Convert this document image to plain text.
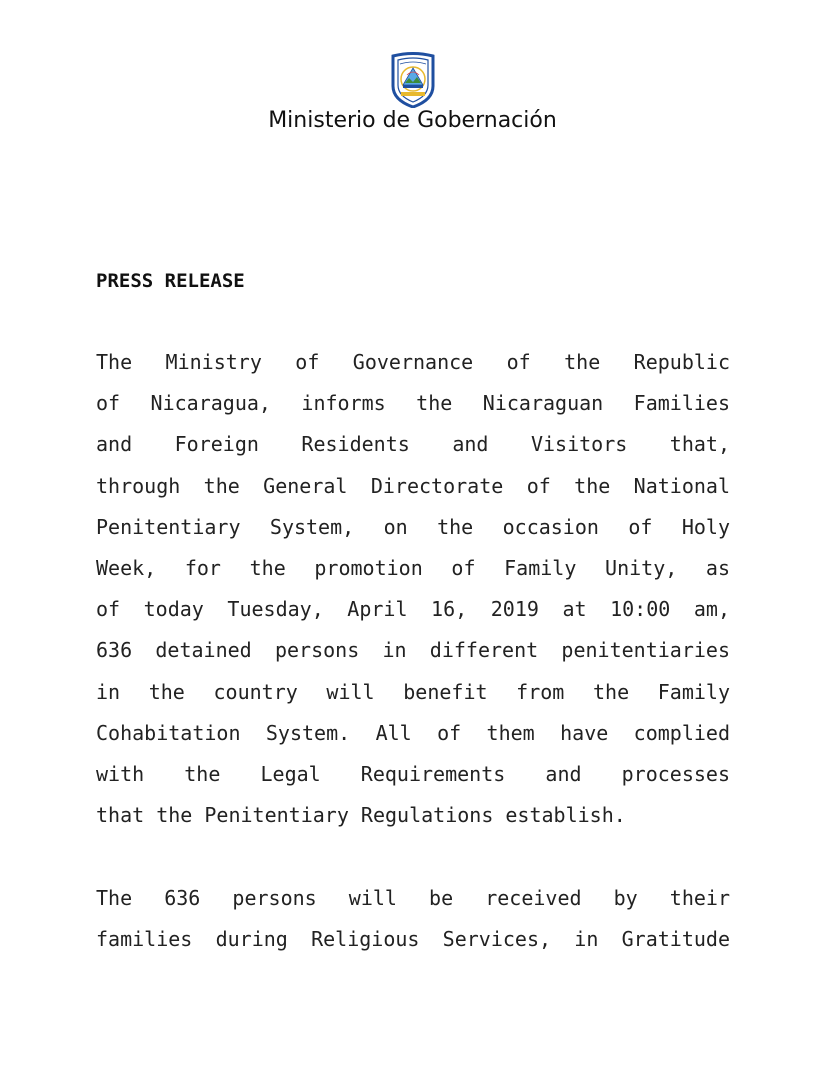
Ministerio de Gobernación
PRESS RELEASE

The Ministry of Governance of the Republic
of Nicaragua, informs the Nicaraguan Families
and Foreign Residents and Visitors that,
through the General Directorate of the National
Penitentiary System, on the occasion of Holy
Week, for the promotion of Family Unity, as
of today Tuesday, April 16, 2019 at 10:00 am,
636 detained persons in different penitentiaries
in the country will benefit from the Family
Cohabitation System. All of them have complied
with the Legal Requirements and processes
that the Penitentiary Regulations establish.

The 636 persons will be received by their
families during Religious Services, in Gratitude
